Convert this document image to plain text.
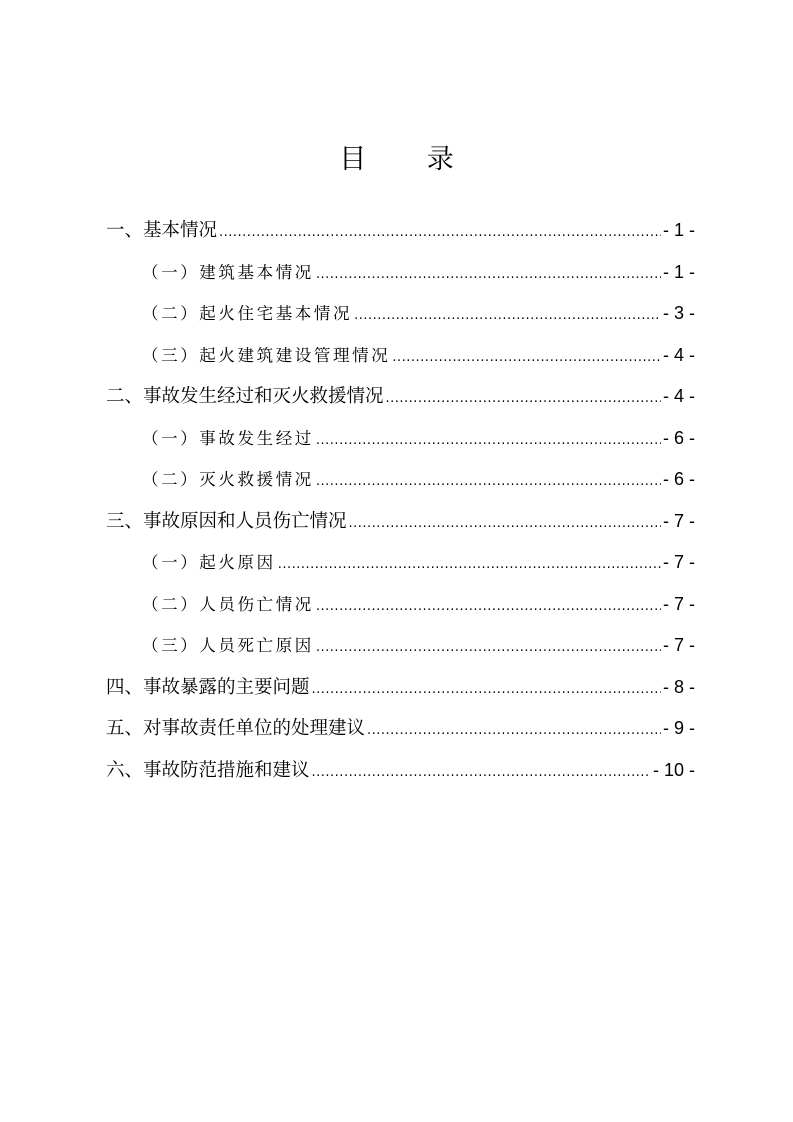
目 录
一、基本情况 .....	- 1 -
（一）建筑基本情况 .....	- 1 -
（二）起火住宅基本情况 .....	- 3 -
（三）起火建筑建设管理情况 .....	- 4 -
二、事故发生经过和灭火救援情况 .....	- 4 -
（一）事故发生经过 .....	- 6 -
（二）灭火救援情况 .....	- 6 -
三、事故原因和人员伤亡情况 .....	- 7 -
（一）起火原因 .....	- 7 -
（二）人员伤亡情况 .....	- 7 -
（三）人员死亡原因 .....	- 7 -
四、事故暴露的主要问题 .....	- 8 -
五、对事故责任单位的处理建议 .....	- 9 -
六、事故防范措施和建议 .....	- 10 -
